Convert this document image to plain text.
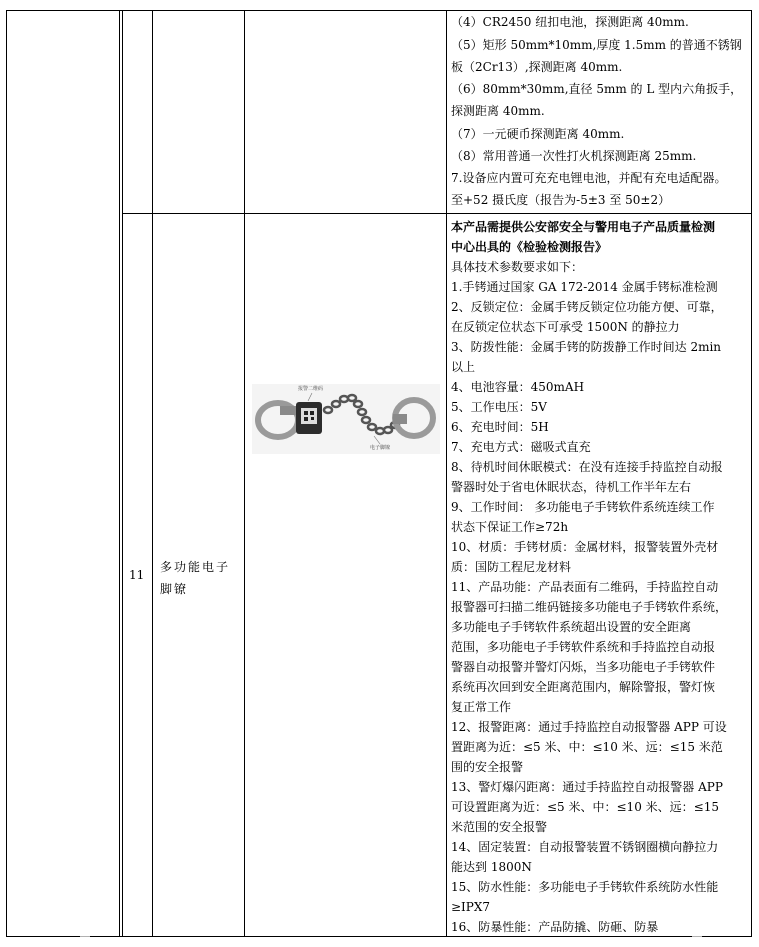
（4）CR2450 纽扣电池，探测距离 40mm.
（5）矩形 50mm*10mm,厚度 1.5mm 的普通不锈钢
板（2Cr13）,探测距离 40mm.
（6）80mm*30mm,直径 5mm 的 L 型内六角扳手，
探测距离 40mm.
（7）一元硬币探测距离 40mm.
（8）常用普通一次性打火机探测距离 25mm.
7.设备应内置可充充电锂电池，并配有充电适配器。
至+52 摄氏度（报告为-5±3 至 50±2）
11
多功能电子
脚镣
报警二维码
电子脚镣
本产品需提供公安部安全与警用电子产品质量检测
中心出具的《检验检测报告》
具体技术参数要求如下：
1.手铐通过国家 GA 172-2014 金属手铐标准检测
2、反锁定位：金属手铐反锁定位功能方便、可靠，
在反锁定位状态下可承受 1500N 的静拉力
3、防拨性能：金属手铐的防拨静工作时间达 2min
以上
4、电池容量：450mAH
5、工作电压：5V
6、充电时间：5H
7、充电方式：磁吸式直充
8、待机时间休眠模式：在没有连接手持监控自动报
警器时处于省电休眠状态，待机工作半年左右
9、工作时间： 多功能电子手铐软件系统连续工作
状态下保证工作≥72h
10、材质：手铐材质：金属材料，报警装置外壳材
质：国防工程尼龙材料
11、产品功能：产品表面有二维码，手持监控自动
报警器可扫描二维码链接多功能电子手铐软件系统，
多功能电子手铐软件系统超出设置的安全距离
范围，多功能电子手铐软件系统和手持监控自动报
警器自动报警并警灯闪烁，当多功能电子手铐软件
系统再次回到安全距离范围内，解除警报，警灯恢
复正常工作
12、报警距离：通过手持监控自动报警器 APP 可设
置距离为近：≤5 米、中：≤10 米、远：≤15 米范
围的安全报警
13、警灯爆闪距离：通过手持监控自动报警器 APP
可设置距离为近：≤5 米、中：≤10 米、远：≤15
米范围的安全报警
14、固定装置：自动报警装置不锈钢圈横向静拉力
能达到 1800N
15、防水性能：多功能电子手铐软件系统防水性能
≥IPX7
16、防暴性能：产品防撬、防砸、防暴
